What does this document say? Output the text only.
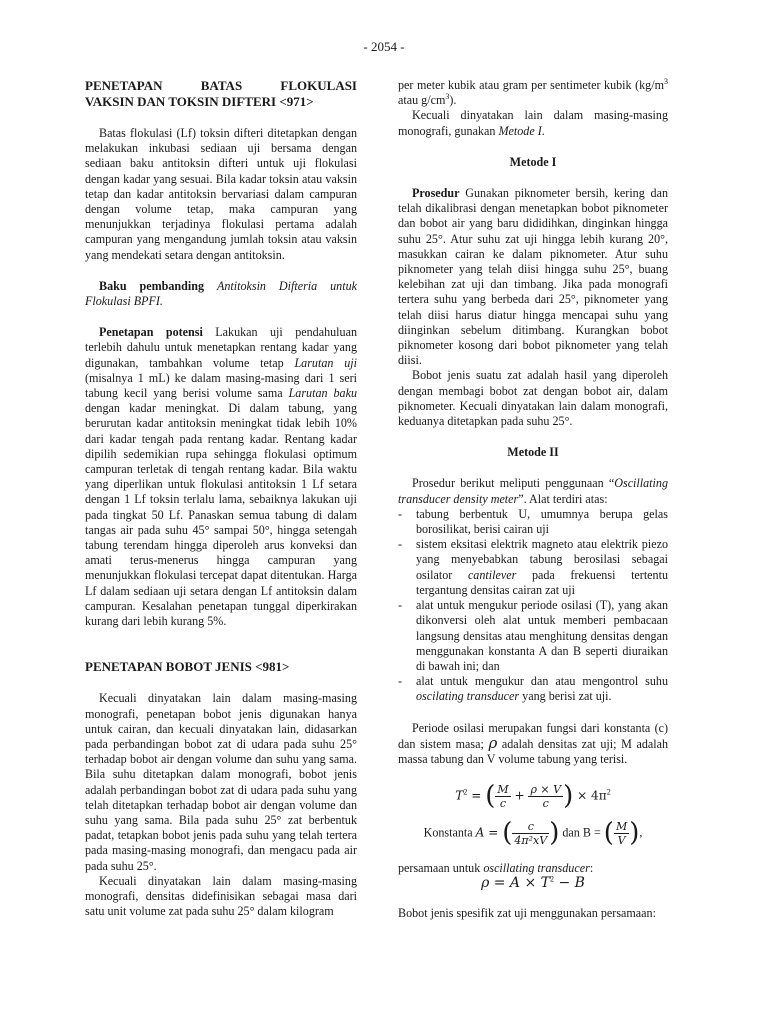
- 2054 -
PENETAPAN BATAS FLOKULASI
VAKSIN DAN TOKSIN DIFTERI <971>

Batas flokulasi (Lf) toksin difteri ditetapkan dengan melakukan inkubasi sediaan uji bersama dengan sediaan baku antitoksin difteri untuk uji flokulasi dengan kadar yang sesuai. Bila kadar toksin atau vaksin tetap dan kadar antitoksin bervariasi dalam campuran dengan volume tetap, maka campuran yang menunjukkan terjadinya flokulasi pertama adalah campuran yang mengandung jumlah toksin atau vaksin yang mendekati setara dengan antitoksin.

Baku pembanding Antitoksin Difteria untuk Flokulasi BPFI.

Penetapan potensi Lakukan uji pendahuluan terlebih dahulu untuk menetapkan rentang kadar yang digunakan, tambahkan volume tetap Larutan uji (misalnya 1 mL) ke dalam masing-masing dari 1 seri tabung kecil yang berisi volume sama Larutan baku dengan kadar meningkat. Di dalam tabung, yang berurutan kadar antitoksin meningkat tidak lebih 10% dari kadar tengah pada rentang kadar. Rentang kadar dipilih sedemikian rupa sehingga flokulasi optimum campuran terletak di tengah rentang kadar. Bila waktu yang diperlikan untuk flokulasi antitoksin 1 Lf setara dengan 1 Lf toksin terlalu lama, sebaiknya lakukan uji pada tingkat 50 Lf. Panaskan semua tabung di dalam tangas air pada suhu 45° sampai 50°, hingga setengah tabung terendam hingga diperoleh arus konveksi dan amati terus-menerus hingga campuran yang menunjukkan flokulasi tercepat dapat ditentukan. Harga Lf dalam sediaan uji setara dengan Lf antitoksin dalam campuran. Kesalahan penetapan tunggal diperkirakan kurang dari lebih kurang 5%.

PENETAPAN BOBOT JENIS <981>

Kecuali dinyatakan lain dalam masing-masing monografi, penetapan bobot jenis digunakan hanya untuk cairan, dan kecuali dinyatakan lain, didasarkan pada perbandingan bobot zat di udara pada suhu 25° terhadap bobot air dengan volume dan suhu yang sama. Bila suhu ditetapkan dalam monografi, bobot jenis adalah perbandingan bobot zat di udara pada suhu yang telah ditetapkan terhadap bobot air dengan volume dan suhu yang sama. Bila pada suhu 25° zat berbentuk padat, tetapkan bobot jenis pada suhu yang telah tertera pada masing-masing monografi, dan mengacu pada air pada suhu 25°.

Kecuali dinyatakan lain dalam masing-masing monografi, densitas didefinisikan sebagai masa dari satu unit volume zat pada suhu 25° dalam kilogram

per meter kubik atau gram per sentimeter kubik ($kg/m^3$ atau $g/cm^3$).

Kecuali dinyatakan lain dalam masing-masing monografi, gunakan Metode I.

Metode I

Prosedur Gunakan piknometer bersih, kering dan telah dikalibrasi dengan menetapkan bobot piknometer dan bobot air yang baru dididihkan, dinginkan hingga suhu 25°. Atur suhu zat uji hingga lebih kurang 20°, masukkan cairan ke dalam piknometer. Atur suhu piknometer yang telah diisi hingga suhu 25°, buang kelebihan zat uji dan timbang. Jika pada monografi tertera suhu yang berbeda dari 25°, piknometer yang telah diisi harus diatur hingga mencapai suhu yang diinginkan sebelum ditimbang. Kurangkan bobot piknometer kosong dari bobot piknometer yang telah diisi.

Bobot jenis suatu zat adalah hasil yang diperoleh dengan membagi bobot zat dengan bobot air, dalam piknometer. Kecuali dinyatakan lain dalam monografi, keduanya ditetapkan pada suhu 25°.

Metode II

Prosedur berikut meliputi penggunaan “Oscillating transducer density meter”. Alat terdiri atas:

- tabung berbentuk U, umumnya berupa gelas borosilikat, berisi cairan uji
- sistem eksitasi elektrik magneto atau elektrik piezo yang menyebabkan tabung berosilasi sebagai osilator cantilever pada frekuensi tertentu tergantung densitas cairan zat uji
- alat untuk mengukur periode osilasi (T), yang akan dikonversi oleh alat untuk memberi pembacaan langsung densitas atau menghitung densitas dengan menggunakan konstanta A dan B seperti diuraikan di bawah ini; dan
- alat untuk mengukur dan atau mengontrol suhu oscilating transducer yang berisi zat uji.

Periode osilasi merupakan fungsi dari konstanta (c) dan sistem masa; ρ adalah densitas zat uji; M adalah massa tabung dan V volume tabung yang terisi.

$T^2$ = ( $\frac{M}{c} + \frac{\rho \times V}{c}$ ) × $4\pi^2$
Konstanta A = ( $\frac{c}{\text{4π²xV}}$ ) dan B = ( $\frac{M}{V}$ ),

persamaan untuk oscillating transducer:

$\rho = A \times T^2 - B$

Bobot jenis spesifik zat uji menggunakan persamaan:
